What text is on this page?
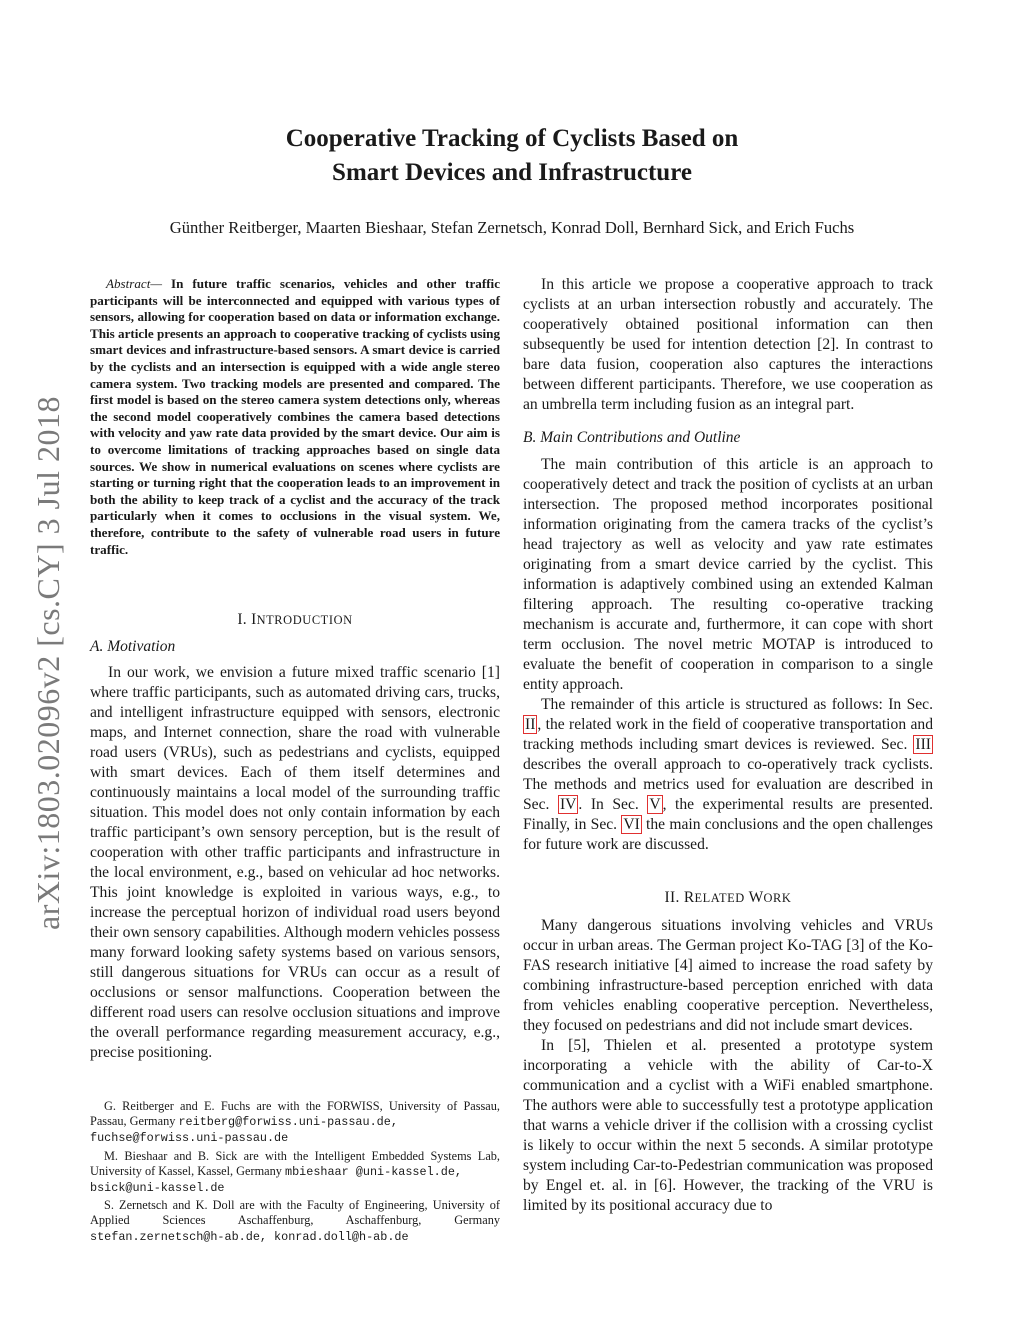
arXiv:1803.02096v2 [cs.CY] 3 Jul 2018
Cooperative Tracking of Cyclists Based on
Smart Devices and Infrastructure
Günther Reitberger, Maarten Bieshaar, Stefan Zernetsch, Konrad Doll, Bernhard Sick, and Erich Fuchs

Abstract— In future traffic scenarios, vehicles and other traffic participants will be interconnected and equipped with various types of sensors, allowing for cooperation based on data or information exchange. This article presents an approach to cooperative tracking of cyclists using smart devices and infrastructure-based sensors. A smart device is carried by the cyclists and an intersection is equipped with a wide angle stereo camera system. Two tracking models are presented and compared. The first model is based on the stereo camera system detections only, whereas the second model cooperatively combines the camera based detections with velocity and yaw rate data provided by the smart device. Our aim is to overcome limitations of tracking approaches based on single data sources. We show in numerical evaluations on scenes where cyclists are starting or turning right that the cooperation leads to an improvement in both the ability to keep track of a cyclist and the accuracy of the track particularly when it comes to occlusions in the visual system. We, therefore, contribute to the safety of vulnerable road users in future traffic.

I. INTRODUCTION
A. Motivation

In our work, we envision a future mixed traffic scenario [1] where traffic participants, such as automated driving cars, trucks, and intelligent infrastructure equipped with sensors, electronic maps, and Internet connection, share the road with vulnerable road users (VRUs), such as pedestrians and cyclists, equipped with smart devices. Each of them itself determines and continuously maintains a local model of the surrounding traffic situation. This model does not only contain information by each traffic participant’s own sensory perception, but is the result of cooperation with other traffic participants and infrastructure in the local environment, e.g., based on vehicular ad hoc networks. This joint knowledge is exploited in various ways, e.g., to increase the perceptual horizon of individual road users beyond their own sensory capabilities. Although modern vehicles possess many forward looking safety systems based on various sensors, still dangerous situations for VRUs can occur as a result of occlusions or sensor malfunctions. Cooperation between the different road users can resolve occlusion situations and improve the overall performance regarding measurement accuracy, e.g., precise positioning.

G. Reitberger and E. Fuchs are with the FORWISS, University of Passau, Passau, Germany reitberg@forwiss.uni-passau.de,
fuchse@forwiss.uni-passau.de

M. Bieshaar and B. Sick are with the Intelligent Embedded Systems Lab, University of Kassel, Kassel, Germany mbieshaar @uni-kassel.de,
bsick@uni-kassel.de

S. Zernetsch and K. Doll are with the Faculty of Engineering, University of Applied Sciences Aschaffenburg, Aschaffenburg, Germany stefan.zernetsch@h-ab.de, konrad.doll@h-ab.de

In this article we propose a cooperative approach to track cyclists at an urban intersection robustly and accurately. The cooperatively obtained positional information can then subsequently be used for intention detection [2]. In contrast to bare data fusion, cooperation also captures the interactions between different participants. Therefore, we use cooperation as an umbrella term including fusion as an integral part.

B. Main Contributions and Outline

The main contribution of this article is an approach to cooperatively detect and track the position of cyclists at an urban intersection. The proposed method incorporates positional information originating from the camera tracks of the cyclist’s head trajectory as well as velocity and yaw rate estimates originating from a smart device carried by the cyclist. This information is adaptively combined using an extended Kalman filtering approach. The resulting co-operative tracking mechanism is accurate and, furthermore, it can cope with short term occlusion. The novel metric MOTAP is introduced to evaluate the benefit of cooperation in comparison to a single entity approach.

The remainder of this article is structured as follows: In Sec. II , the related work in the field of cooperative transportation and tracking methods including smart devices is reviewed. Sec. III describes the overall approach to co-operatively track cyclists. The methods and metrics used for evaluation are described in Sec. IV . In Sec. V , the experimental results are presented. Finally, in Sec. VI the main conclusions and the open challenges for future work are discussed.

II. RELATED WORK

Many dangerous situations involving vehicles and VRUs occur in urban areas. The German project Ko-TAG [3] of the Ko-FAS research initiative [4] aimed to increase the road safety by combining infrastructure-based perception enriched with data from vehicles enabling cooperative perception. Nevertheless, they focused on pedestrians and did not include smart devices.

In [5], Thielen et al. presented a prototype system incorporating a vehicle with the ability of Car-to-X communication and a cyclist with a WiFi enabled smartphone. The authors were able to successfully test a prototype application that warns a vehicle driver if the collision with a crossing cyclist is likely to occur within the next 5 seconds. A similar prototype system including Car-to-Pedestrian communication was proposed by Engel et. al. in [6]. However, the tracking of the VRU is limited by its positional accuracy due to
